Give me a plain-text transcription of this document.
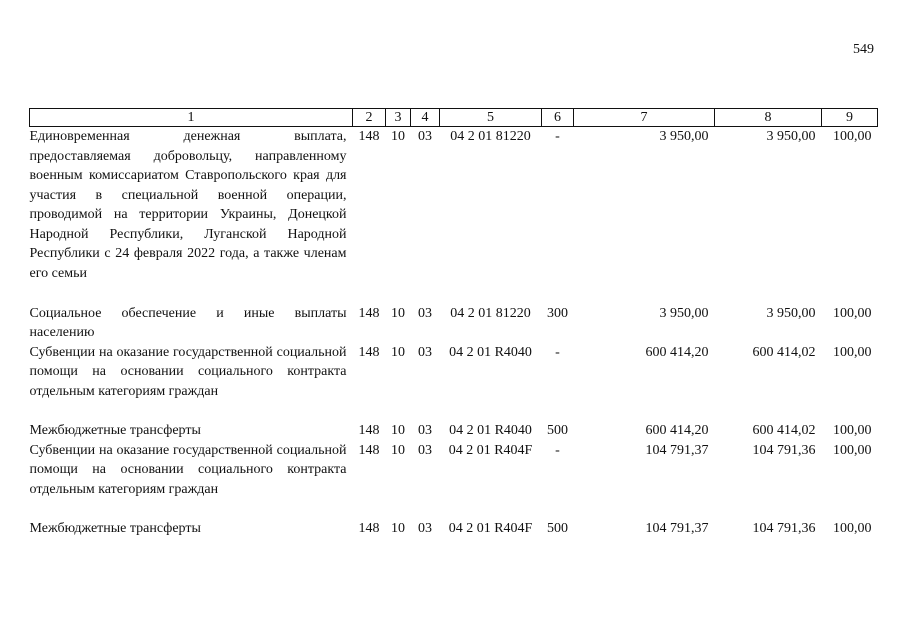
549
1	2	3	4	5	6	7	8	9
Единовременная денежная выплата, предоставляемая добровольцу, направленному военным комиссариатом Ставропольского края для участия в специальной военной операции, проводимой на территории Украины, Донецкой Народной Республики, Луганской Народной Республики с 24 февраля 2022 года, а также членам его семьи	148	10	03	04 2 01 81220	-	3 950,00	3 950,00	100,00
Социальное обеспечение и иные выплаты населению	148	10	03	04 2 01 81220	300	3 950,00	3 950,00	100,00
Субвенции на оказание государственной социальной помощи на основании социального контракта отдельным категориям граждан	148	10	03	04 2 01 R4040	-	600 414,20	600 414,02	100,00
Межбюджетные трансферты	148	10	03	04 2 01 R4040	500	600 414,20	600 414,02	100,00
Субвенции на оказание государственной социальной помощи на основании социального контракта отдельным категориям граждан	148	10	03	04 2 01 R404F	-	104 791,37	104 791,36	100,00
Межбюджетные трансферты	148	10	03	04 2 01 R404F	500	104 791,37	104 791,36	100,00
